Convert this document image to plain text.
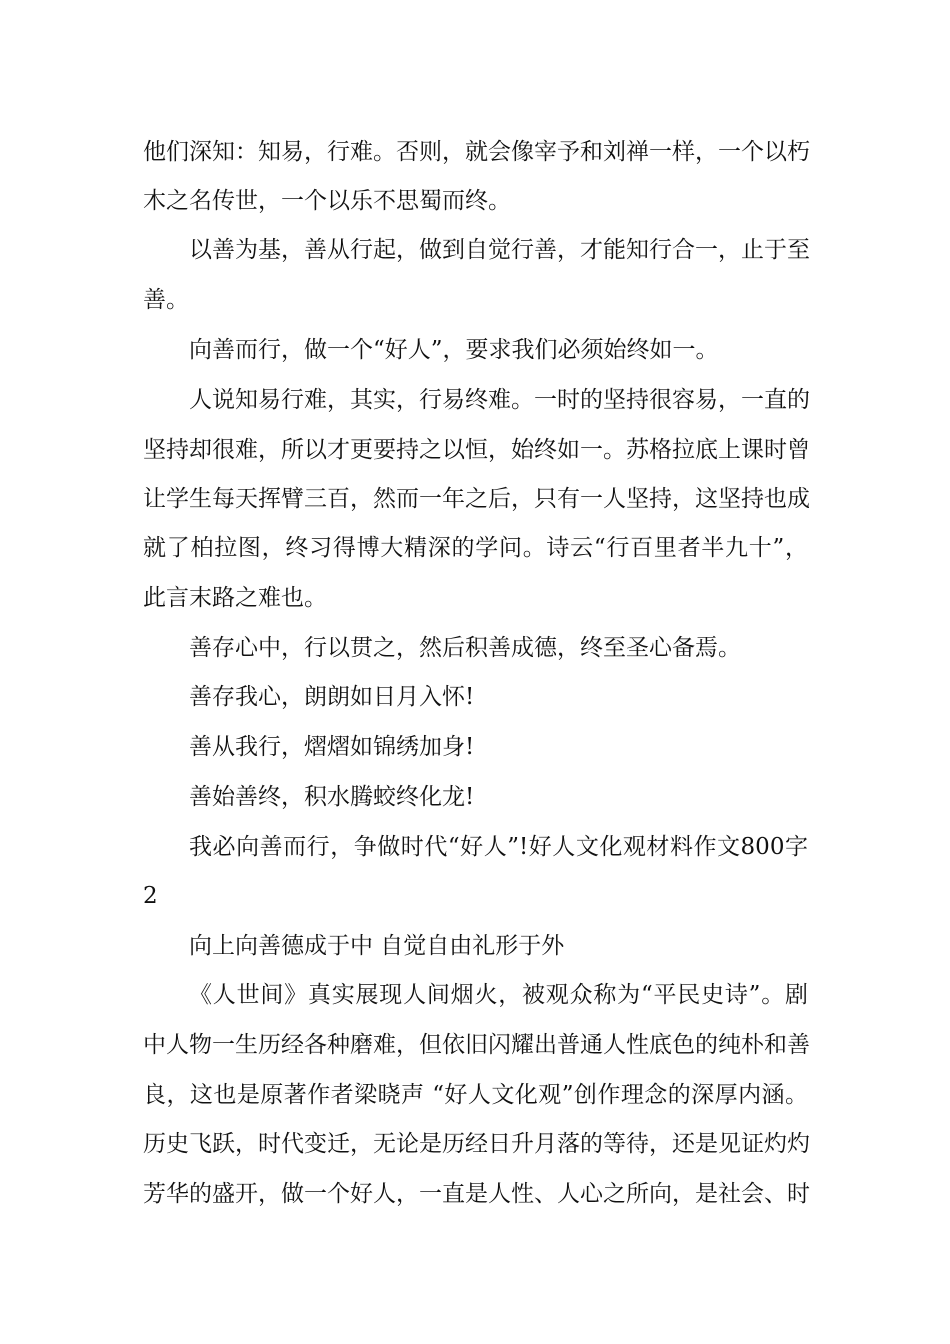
他们深知：知易，行难。否则，就会像宰予和刘禅一样，一个以朽
木之名传世，一个以乐不思蜀而终。
以善为基，善从行起，做到自觉行善，才能知行合一，止于至
善。
向善而行，做一个“好人”，要求我们必须始终如一。
人说知易行难，其实，行易终难。一时的坚持很容易，一直的
坚持却很难，所以才更要持之以恒，始终如一。苏格拉底上课时曾
让学生每天挥臂三百，然而一年之后，只有一人坚持，这坚持也成
就了柏拉图，终习得博大精深的学问。诗云“行百里者半九十”，
此言末路之难也。
善存心中，行以贯之，然后积善成德，终至圣心备焉。
善存我心，朗朗如日月入怀!
善从我行，熠熠如锦绣加身!
善始善终，积水腾蛟终化龙!
我必向善而行，争做时代“好人”!好人文化观材料作文800字
2
向上向善德成于中 自觉自由礼形于外
《人世间》真实展现人间烟火，被观众称为“平民史诗”。剧
中人物一生历经各种磨难，但依旧闪耀出普通人性底色的纯朴和善
良，这也是原著作者梁晓声 “好人文化观”创作理念的深厚内涵。
历史飞跃，时代变迁，无论是历经日升月落的等待，还是见证灼灼
芳华的盛开，做一个好人，一直是人性、人心之所向，是社会、时
